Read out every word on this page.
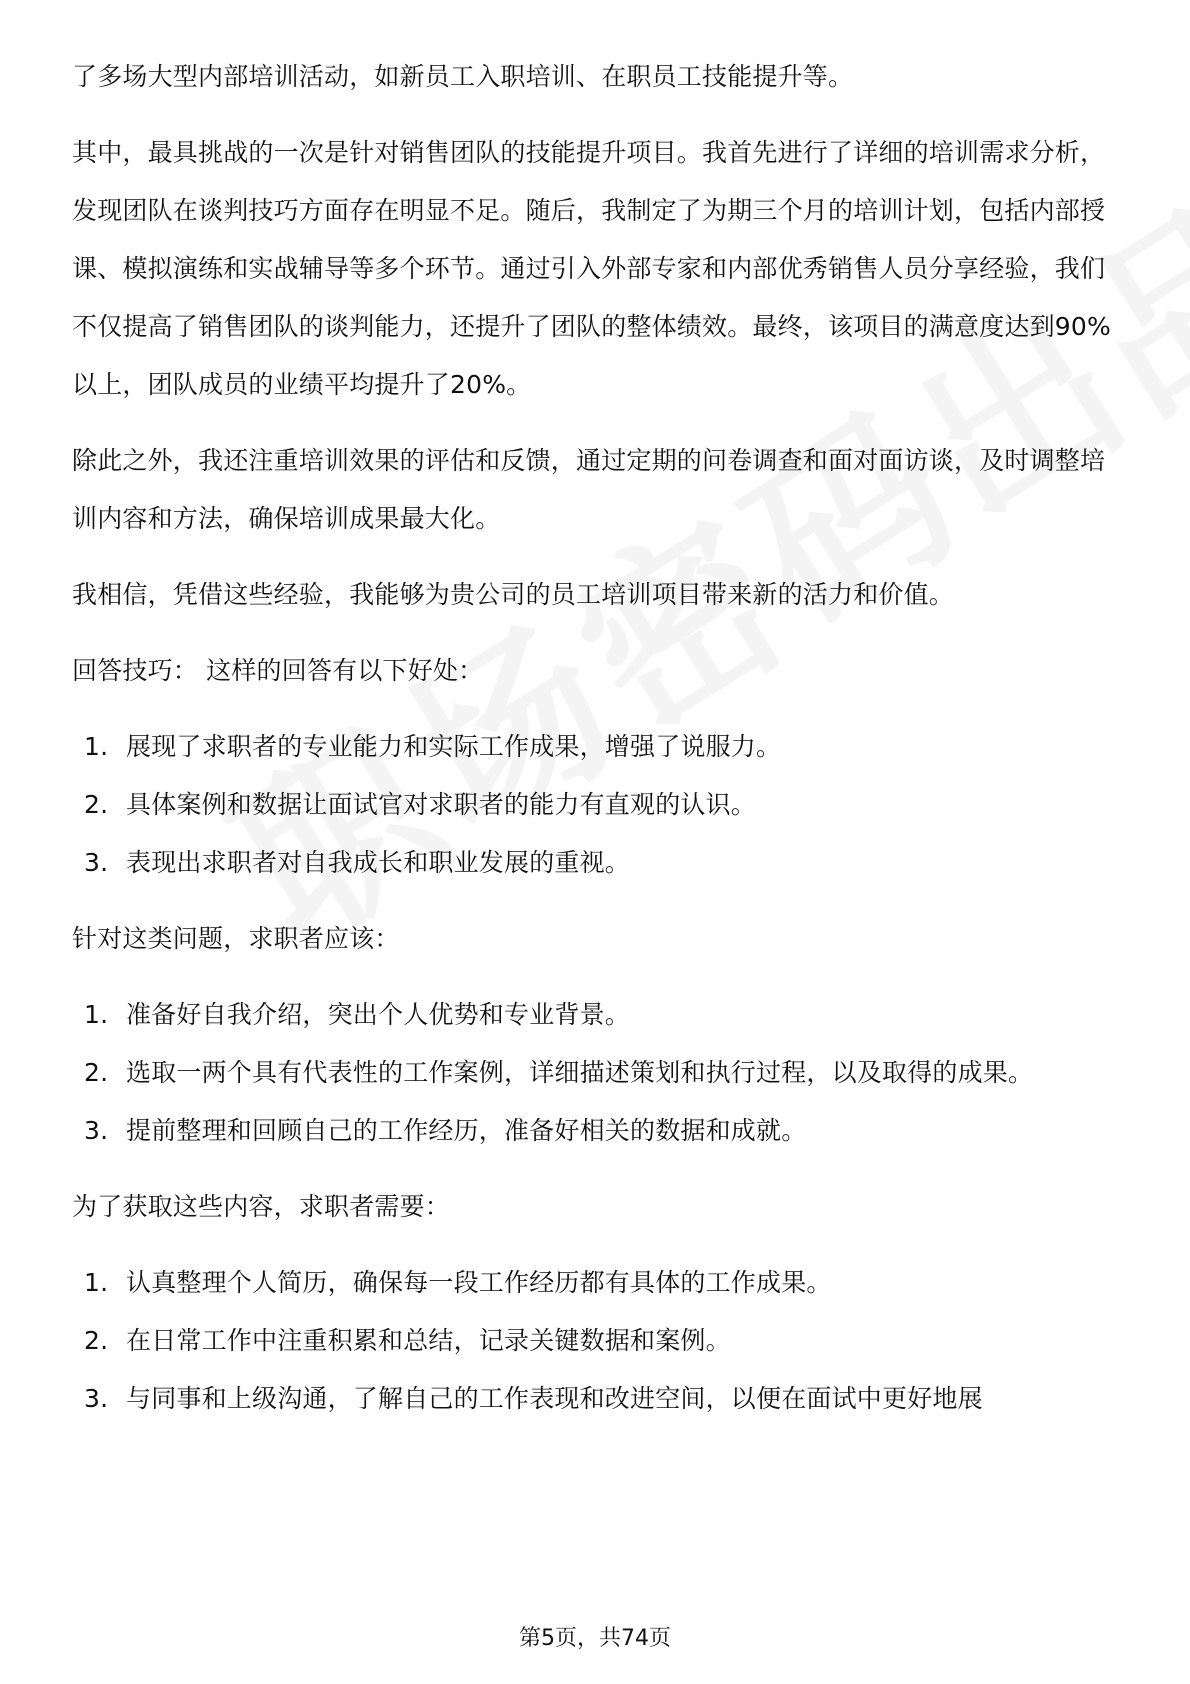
了多场大型内部培训活动，如新员工入职培训、在职员工技能提升等。

其中，最具挑战的一次是针对销售团队的技能提升项目。我首先进行了详细的培训需求分析，发现团队在谈判技巧方面存在明显不足。随后，我制定了为期三个月的培训计划，包括内部授课、模拟演练和实战辅导等多个环节。通过引入外部专家和内部优秀销售人员分享经验，我们不仅提高了销售团队的谈判能力，还提升了团队的整体绩效。最终，该项目的满意度达到90%以上，团队成员的业绩平均提升了20%。

除此之外，我还注重培训效果的评估和反馈，通过定期的问卷调查和面对面访谈，及时调整培训内容和方法，确保培训成果最大化。

我相信，凭借这些经验，我能够为贵公司的员工培训项目带来新的活力和价值。

回答技巧： 这样的回答有以下好处：

1. 展现了求职者的专业能力和实际工作成果，增强了说服力。
2. 具体案例和数据让面试官对求职者的能力有直观的认识。
3. 表现出求职者对自我成长和职业发展的重视。

针对这类问题，求职者应该：

1. 准备好自我介绍，突出个人优势和专业背景。
2. 选取一两个具有代表性的工作案例，详细描述策划和执行过程，以及取得的成果。
3. 提前整理和回顾自己的工作经历，准备好相关的数据和成就。

为了获取这些内容，求职者需要：

1. 认真整理个人简历，确保每一段工作经历都有具体的工作成果。
2. 在日常工作中注重积累和总结，记录关键数据和案例。
3. 与同事和上级沟通，了解自己的工作表现和改进空间，以便在面试中更好地展
第5页，共74页
